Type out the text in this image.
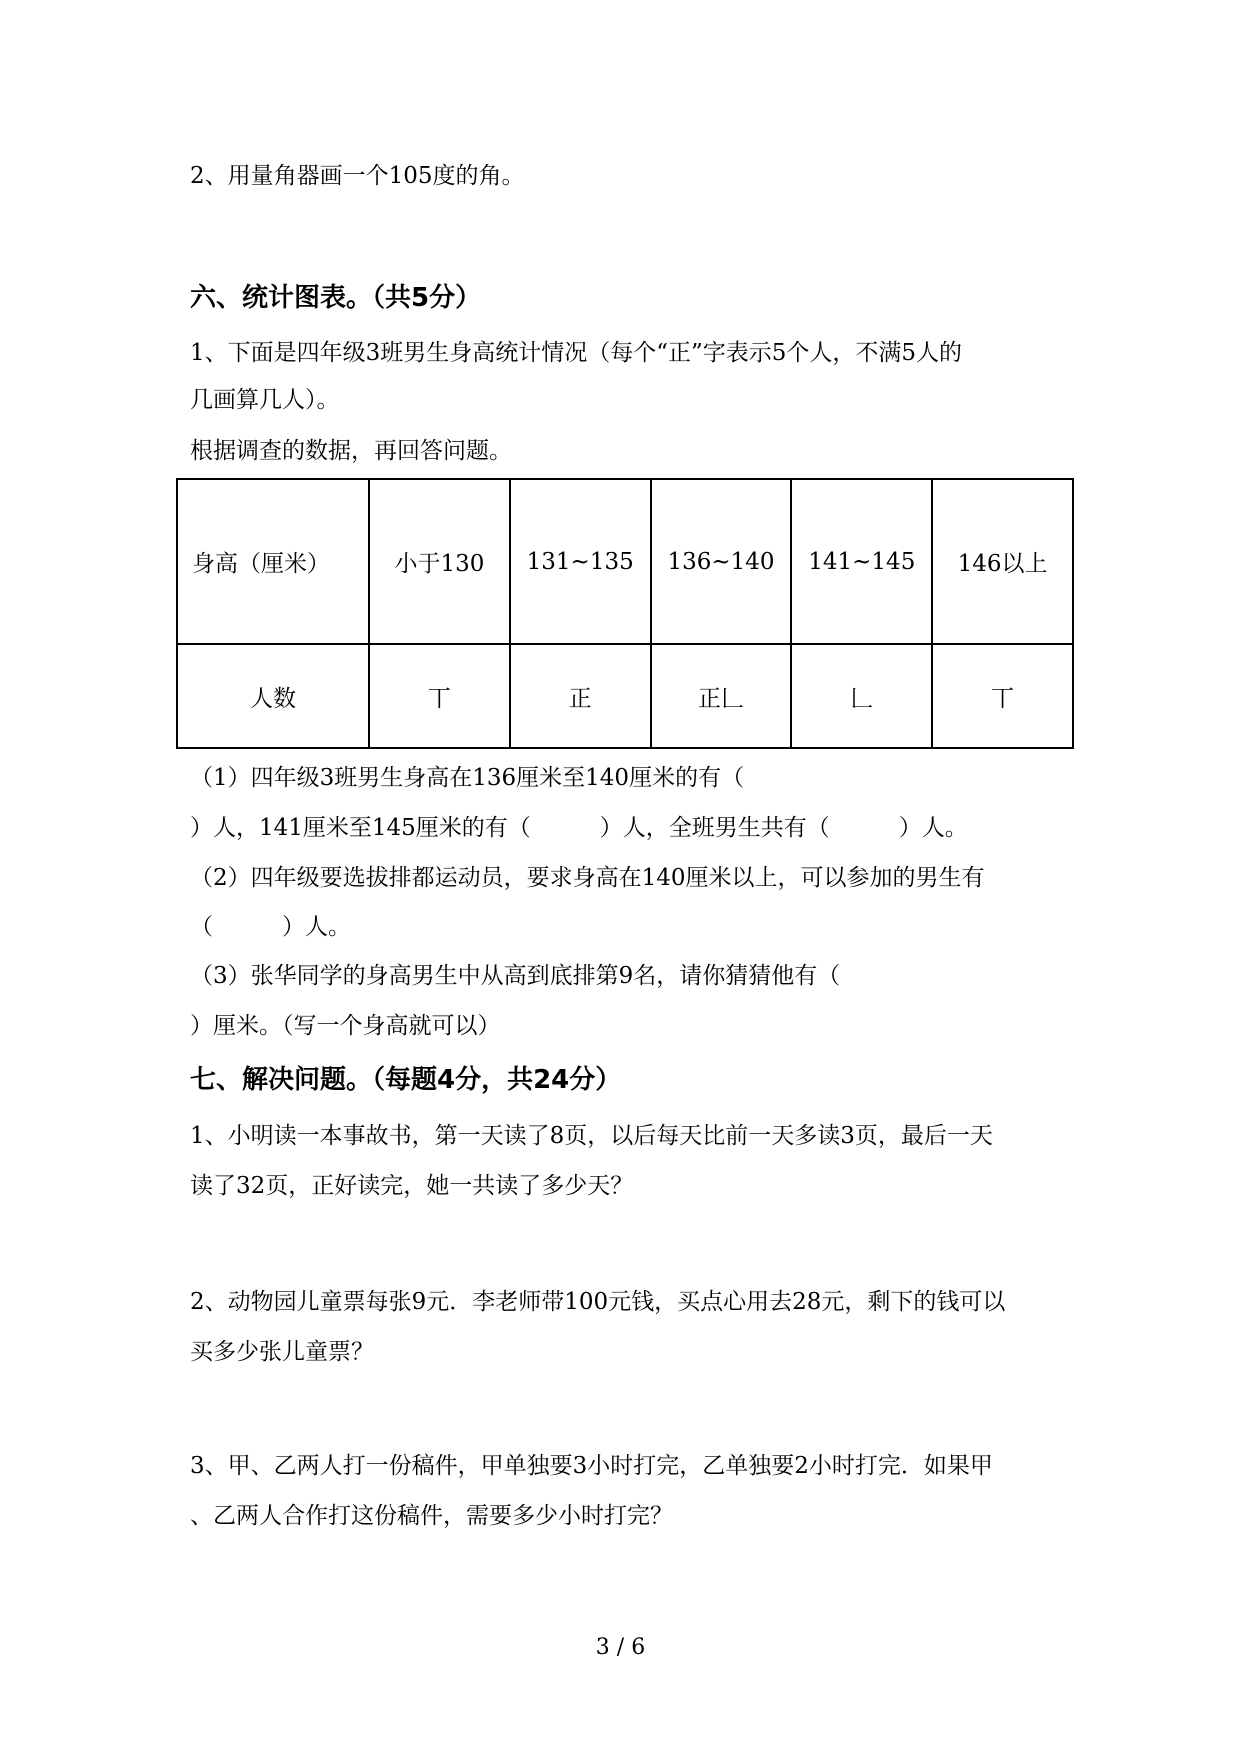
2、用量角器画一个105度的角。

六、统计图表。（共5分）

1、下面是四年级3班男生身高统计情况（每个“正”字表示5个人，不满5人的

几画算几人）。

根据调查的数据，再回答问题。

身高（厘米）	小于130	131~135	136~140	141~145	146以上
人数	丅	正	正𠃊	𠃊	丅

（1）四年级3班男生身高在136厘米至140厘米的有（

）人，141厘米至145厘米的有（　　　）人，全班男生共有（　　　）人。

（2）四年级要选拔排都运动员，要求身高在140厘米以上，可以参加的男生有

（　　　）人。

（3）张华同学的身高男生中从高到底排第9名，请你猜猜他有（

）厘米。（写一个身高就可以）

七、解决问题。（每题4分，共24分）

1、小明读一本事故书，第一天读了8页，以后每天比前一天多读3页，最后一天

读了32页，正好读完，她一共读了多少天？

2、动物园儿童票每张9元．李老师带100元钱，买点心用去28元，剩下的钱可以

买多少张儿童票？

3、甲、乙两人打一份稿件，甲单独要3小时打完，乙单独要2小时打完．如果甲

、乙两人合作打这份稿件，需要多少小时打完？

3 / 6
